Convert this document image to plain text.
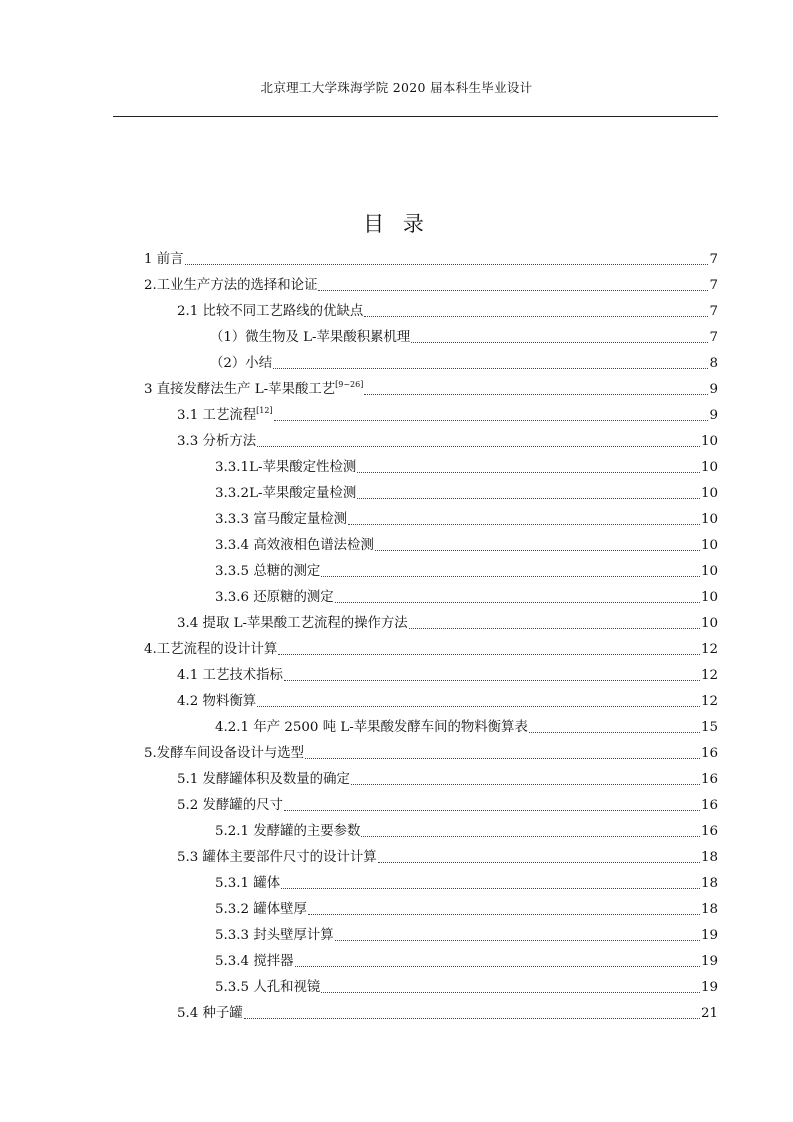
北京理工大学珠海学院 2020 届本科生毕业设计
目 录
1 前言	7
2.工业生产方法的选择和论证	7
2.1 比较不同工艺路线的优缺点	7
（1）微生物及 L-苹果酸积累机理	7
（2）小结	8
3 直接发酵法生产 L-苹果酸工艺[9~26]	9
3.1 工艺流程[12]	9
3.3 分析方法	10
3.3.1L-苹果酸定性检测	10
3.3.2L-苹果酸定量检测	10
3.3.3 富马酸定量检测	10
3.3.4 高效液相色谱法检测	10
3.3.5 总糖的测定	10
3.3.6 还原糖的测定	10
3.4 提取 L-苹果酸工艺流程的操作方法	10
4.工艺流程的设计计算	12
4.1 工艺技术指标	12
4.2 物料衡算	12
4.2.1 年产 2500 吨 L-苹果酸发酵车间的物料衡算表	15
5.发酵车间设备设计与选型	16
5.1 发酵罐体积及数量的确定	16
5.2 发酵罐的尺寸	16
5.2.1 发酵罐的主要参数	16
5.3 罐体主要部件尺寸的设计计算	18
5.3.1 罐体	18
5.3.2 罐体壁厚	18
5.3.3 封头壁厚计算	19
5.3.4 搅拌器	19
5.3.5 人孔和视镜	19
5.4 种子罐	21
